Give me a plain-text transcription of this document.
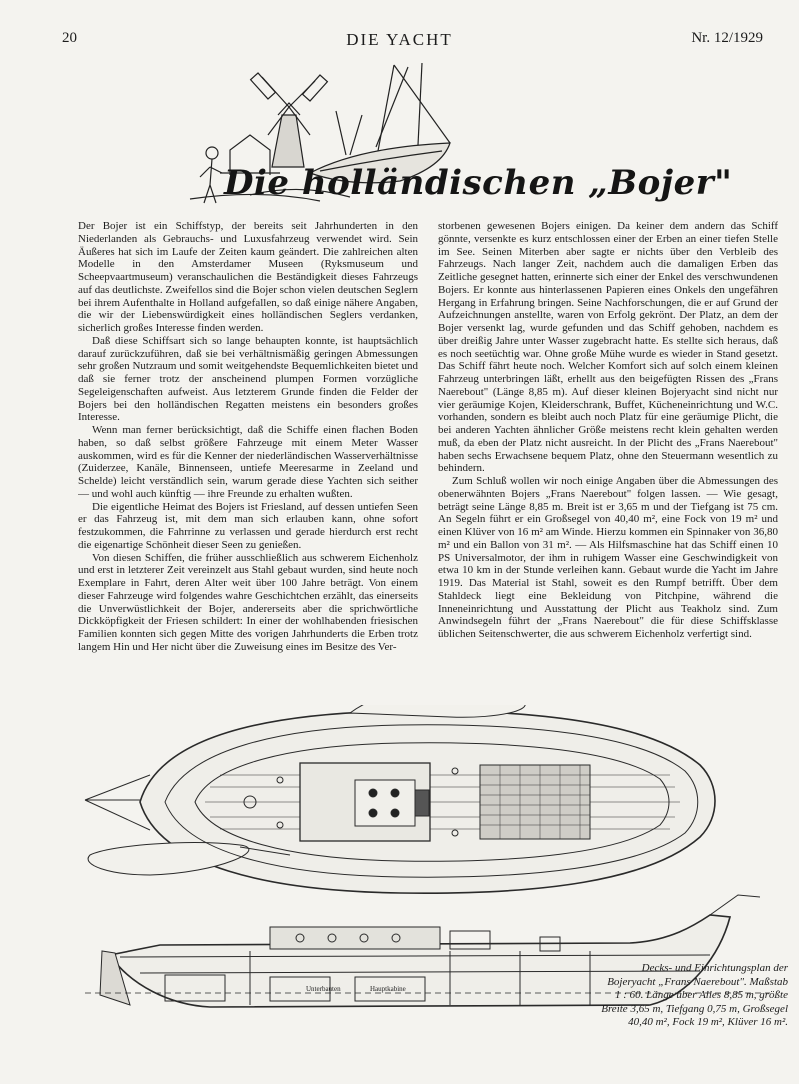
20	DIE YACHT	Nr. 12/1929
Die holländischen „Bojer"

Der Bojer ist ein Schiffstyp, der bereits seit Jahrhunderten in den Niederlanden als Gebrauchs- und Luxusfahrzeug verwendet wird. Sein Äußeres hat sich im Laufe der Zeiten kaum geändert. Die zahlreichen alten Modelle in den Amsterdamer Museen (Ryksmuseum und Scheepvaartmuseum) veranschaulichen die Beständigkeit dieses Fahrzeugs auf das deutlichste. Zweifellos sind die Bojer schon vielen deutschen Seglern bei ihrem Aufenthalte in Holland aufgefallen, so daß einige nähere Angaben, die wir der Liebenswürdigkeit eines holländischen Seglers verdanken, sicherlich großes Interesse finden werden.

Daß diese Schiffsart sich so lange behaupten konnte, ist hauptsächlich darauf zurückzuführen, daß sie bei verhältnismäßig geringen Abmessungen sehr großen Nutzraum und somit weitgehendste Bequemlichkeiten bietet und daß sie ferner trotz der anscheinend plumpen Formen vorzügliche Segeleigenschaften aufweist. Aus letzterem Grunde finden die Felder der Bojers bei den holländischen Regatten meistens ein besonders großes Interesse.

Wenn man ferner berücksichtigt, daß die Schiffe einen flachen Boden haben, so daß selbst größere Fahrzeuge mit einem Meter Wasser auskommen, wird es für die Kenner der niederländischen Wasserverhältnisse (Zuiderzee, Kanäle, Binnenseen, untiefe Meeresarme in Zeeland und Schelde) leicht verständlich sein, warum gerade diese Yachten sich seither — und wohl auch künftig — ihre Freunde zu erhalten wußten.

Die eigentliche Heimat des Bojers ist Friesland, auf dessen untiefen Seen er das Fahrzeug ist, mit dem man sich erlauben kann, ohne sofort festzukommen, die Fahrrinne zu verlassen und gerade hierdurch erst recht die eigenartige Schönheit dieser Seen zu genießen.

Von diesen Schiffen, die früher ausschließlich aus schwerem Eichenholz und erst in letzterer Zeit vereinzelt aus Stahl gebaut wurden, sind heute noch Exemplare in Fahrt, deren Alter weit über 100 Jahre beträgt. Von einem dieser Fahrzeuge wird folgendes wahre Geschichtchen erzählt, das einerseits die Unverwüstlichkeit der Bojer, andererseits aber die sprichwörtliche Dickköpfigkeit der Friesen schildert: In einer der wohlhabenden friesischen Familien konnten sich gegen Mitte des vorigen Jahrhunderts die Erben trotz langem Hin und Her nicht über die Zuweisung eines im Besitze des Ver-

storbenen gewesenen Bojers einigen. Da keiner dem andern das Schiff gönnte, versenkte es kurz entschlossen einer der Erben an einer tiefen Stelle im See. Seinen Miterben aber sagte er nichts über den Verbleib des Fahrzeugs. Nach langer Zeit, nachdem auch die damaligen Erben das Zeitliche gesegnet hatten, erinnerte sich einer der Enkel des verschwundenen Bojers. Er konnte aus hinterlassenen Papieren eines Onkels den ungefähren Hergang in Erfahrung bringen. Seine Nachforschungen, die er auf Grund der Aufzeichnungen anstellte, waren von Erfolg gekrönt. Der Platz, an dem der Bojer versenkt lag, wurde gefunden und das Schiff gehoben, nachdem es über dreißig Jahre unter Wasser zugebracht hatte. Es stellte sich heraus, daß es noch seetüchtig war. Ohne große Mühe wurde es wieder in Stand gesetzt. Das Schiff fährt heute noch. Welcher Komfort sich auf solch einem kleinen Fahrzeug unterbringen läßt, erhellt aus den beigefügten Rissen des „Frans Naerebout" (Länge 8,85 m). Auf dieser kleinen Bojeryacht sind nicht nur vier geräumige Kojen, Kleiderschrank, Buffet, Kücheneinrichtung und W.C. vorhanden, sondern es bleibt auch noch Platz für eine geräumige Plicht, die bei anderen Yachten ähnlicher Größe meistens recht klein gehalten werden muß, da eben der Platz nicht ausreicht. In der Plicht des „Frans Naerebout" haben sechs Erwachsene bequem Platz, ohne den Steuermann wesentlich zu behindern.

Zum Schluß wollen wir noch einige Angaben über die Abmessungen des obenerwähnten Bojers „Frans Naerebout" folgen lassen. — Wie gesagt, beträgt seine Länge 8,85 m. Breit ist er 3,65 m und der Tiefgang ist 75 cm. An Segeln führt er ein Großsegel von 40,40 m², eine Fock von 19 m² und einen Klüver von 16 m² am Winde. Hierzu kommen ein Spinnaker von 36,80 m² und ein Ballon von 31 m². — Als Hilfsmaschine hat das Schiff einen 10 PS Universalmotor, der ihm in ruhigem Wasser eine Geschwindigkeit von etwa 10 km in der Stunde verleihen kann. Gebaut wurde die Yacht im Jahre 1919. Das Material ist Stahl, soweit es den Rumpf betrifft. Über dem Stahldeck liegt eine Bekleidung von Pitchpine, während die Inneneinrichtung und Ausstattung der Plicht aus Teakholz sind. Zum Anwindsegeln führt der „Frans Naerebout" die für diese Schiffsklasse üblichen Seitenschwerter, die aus schwerem Eichenholz verfertigt sind.

Unterbauten	Hauptkabine
Decks- und Einrichtungsplan der Bojeryacht „Frans Naerebout". Maßstab 1 : 60. Länge über Alles 8,85 m, größte Breite 3,65 m, Tiefgang 0,75 m, Großsegel 40,40 m², Fock 19 m², Klüver 16 m².
